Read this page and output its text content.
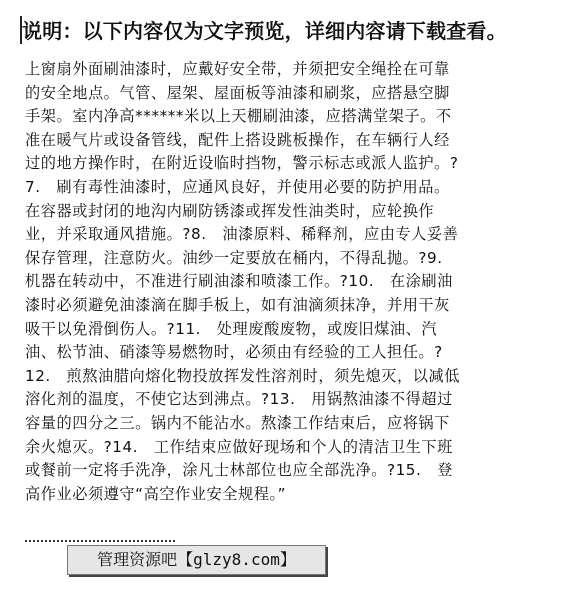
说明：以下内容仅为文字预览，详细内容请下载查看。
上窗扇外面刷油漆时，应戴好安全带，并须把安全绳拴在可靠
的安全地点。气管、屋架、屋面板等油漆和刷浆，应搭悬空脚
手架。室内净高******米以上天棚刷油漆，应搭满堂架子。不
准在暖气片或设备管线，配件上搭设跳板操作，在车辆行人经
过的地方操作时，在附近设临时挡物，警示标志或派人监护。?
7.　刷有毒性油漆时，应通风良好，并使用必要的防护用品。
在容器或封闭的地沟内刷防锈漆或挥发性油类时，应轮换作
业，并采取通风措施。?8.　油漆原料、稀释剂，应由专人妥善
保存管理，注意防火。油纱一定要放在桶内，不得乱抛。?9.
机器在转动中，不准进行刷油漆和喷漆工作。?10.　在涂刷油
漆时必须避免油漆滴在脚手板上，如有油滴须抹净，并用干灰
吸干以免滑倒伤人。?11.　处理废酸废物，或废旧煤油、汽
油、松节油、硝漆等易燃物时，必须由有经验的工人担任。?
12.　煎熬油腊向熔化物投放挥发性溶剂时，须先熄灭，以减低
溶化剂的温度，不使它达到沸点。?13.　用锅熬油漆不得超过
容量的四分之三。锅内不能沾水。熬漆工作结束后，应将锅下
余火熄灭。?14.　工作结束应做好现场和个人的清洁卫生下班
或餐前一定将手洗净，涂凡士林部位也应全部洗净。?15.　登
高作业必须遵守“高空作业安全规程。”
管理资源吧【glzy8.com】
